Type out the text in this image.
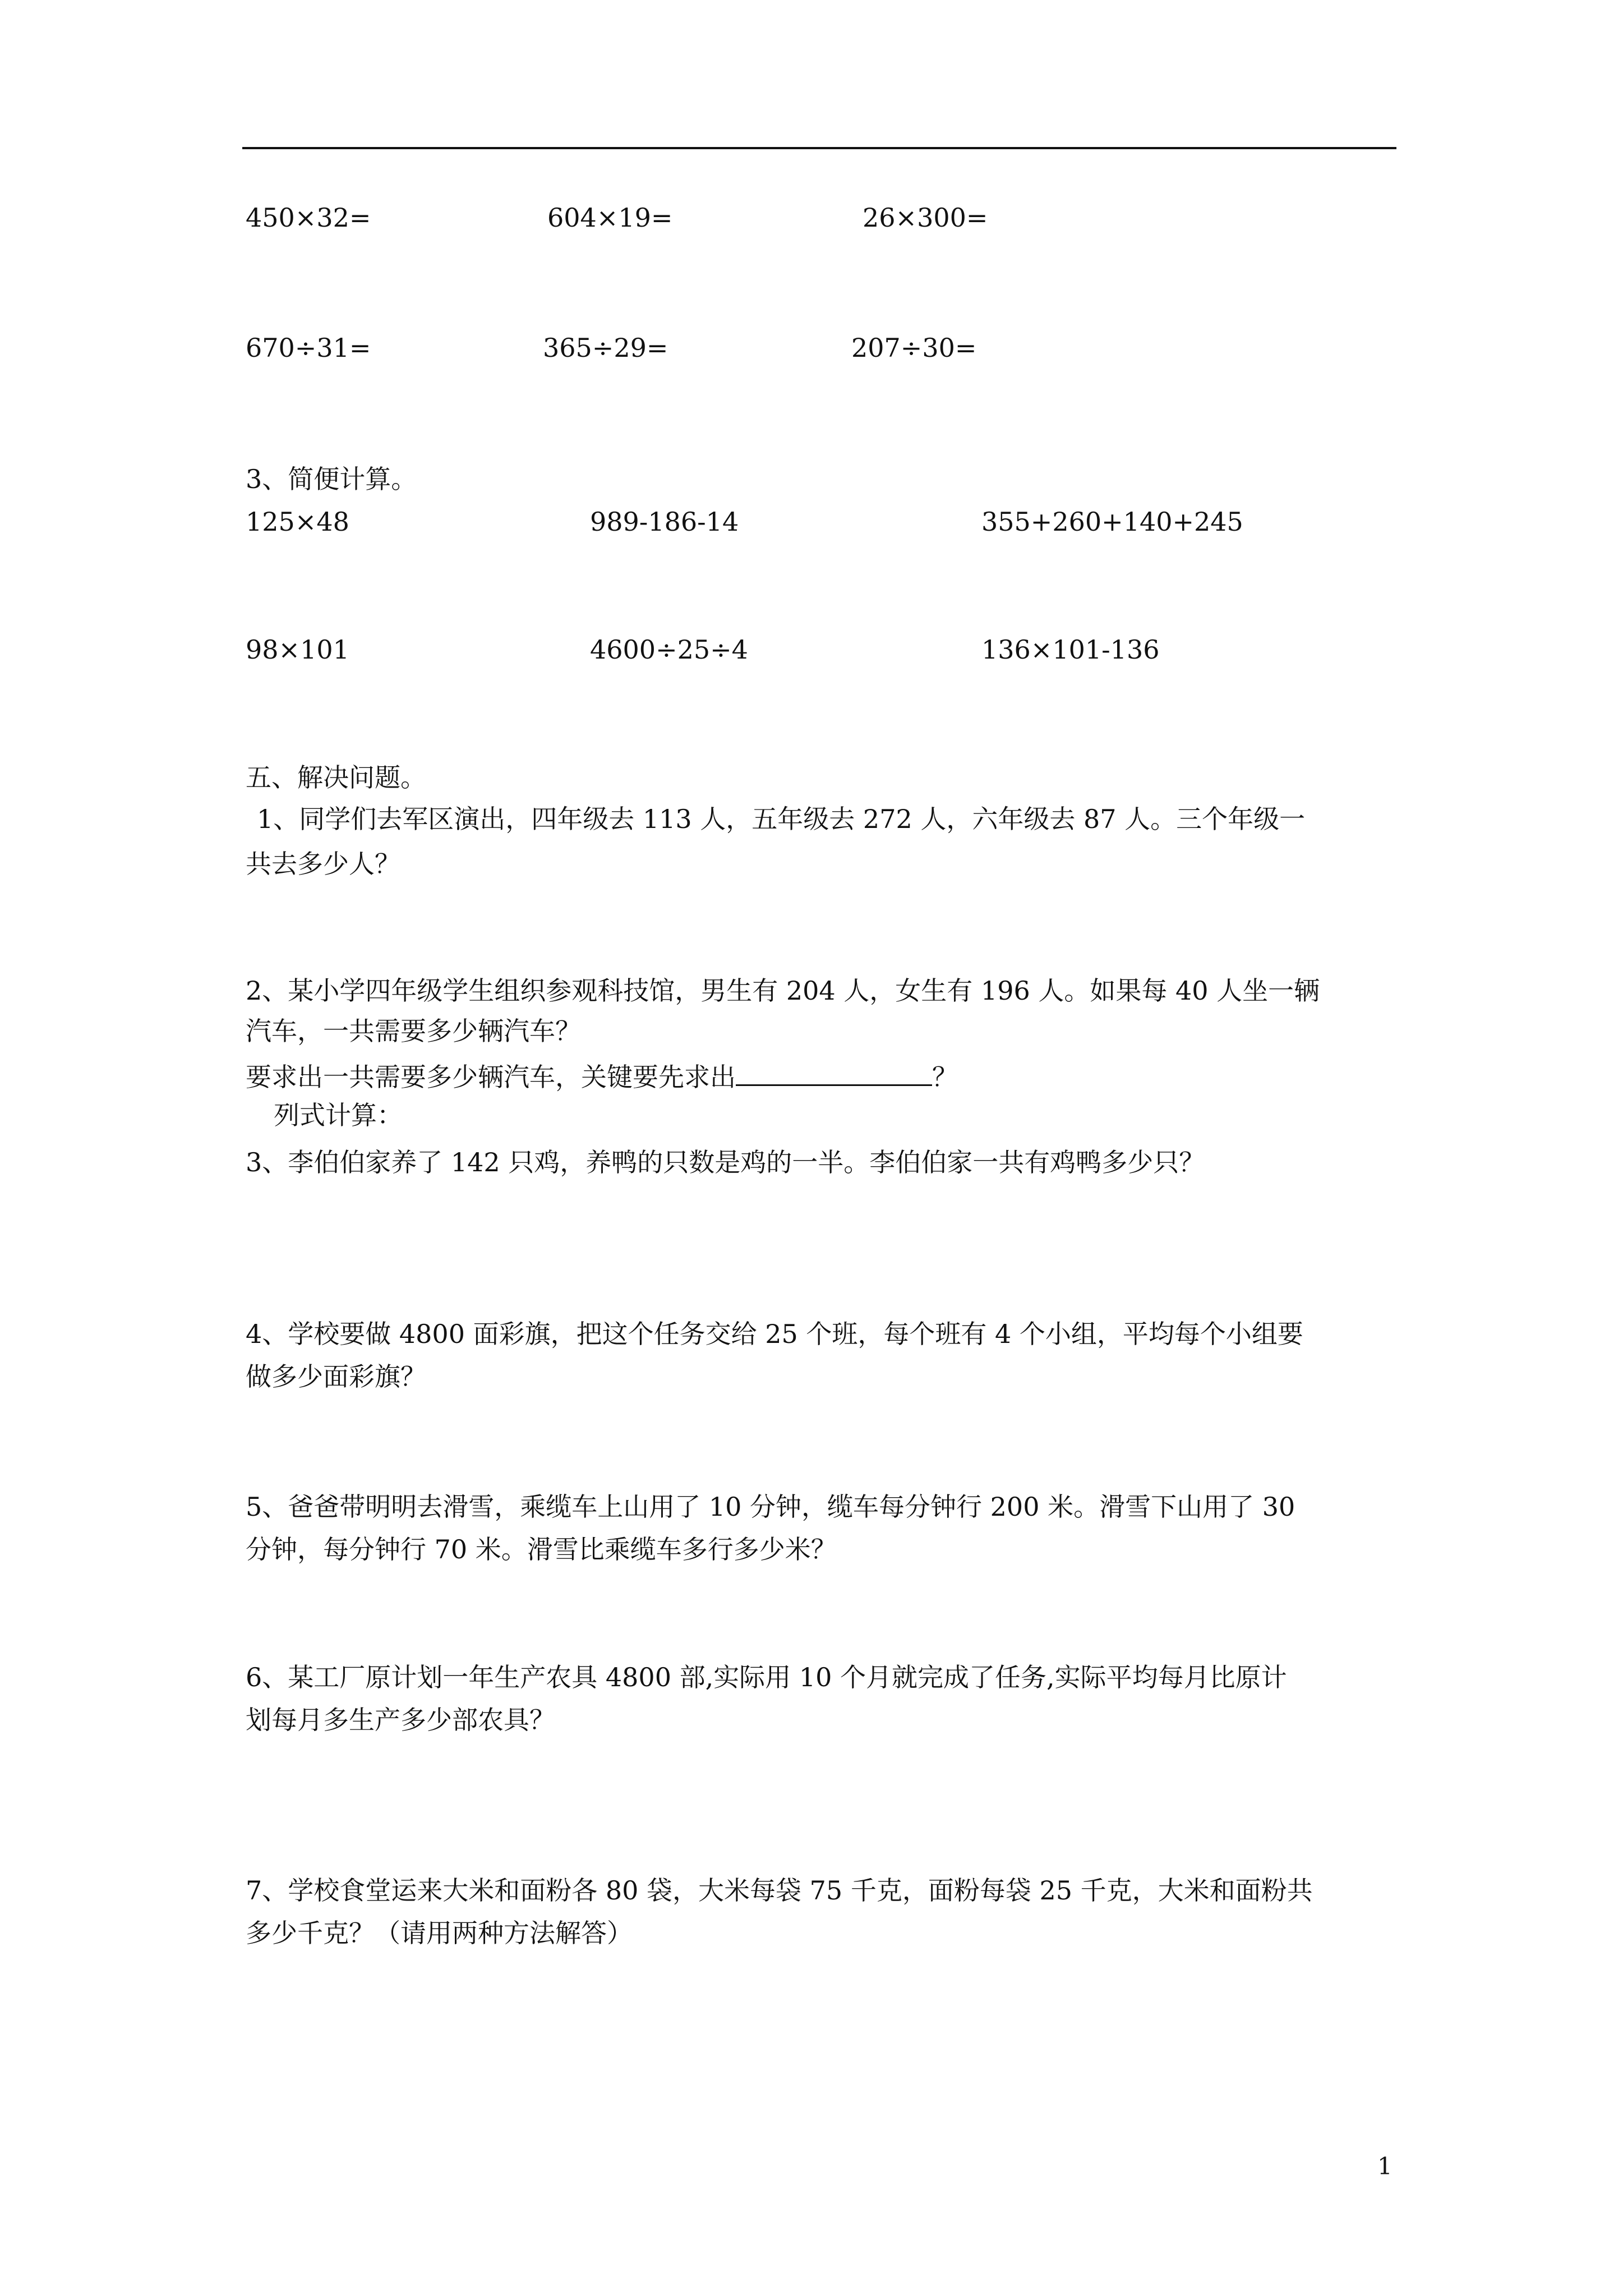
450×32=	604×19=	26×300=
670÷31=	365÷29=	207÷30=
3、简便计算。
125×48	989-186-14	355+260+140+245
98×101	4600÷25÷4	136×101-136
五、解决问题。
1、同学们去军区演出，四年级去 113 人，五年级去 272 人，六年级去 87 人。三个年级一
共去多少人？
2、某小学四年级学生组织参观科技馆，男生有 204 人，女生有 196 人。如果每 40 人坐一辆
汽车，一共需要多少辆汽车？
要求出一共需要多少辆汽车，关键要先求出	？
列式计算：
3、李伯伯家养了 142 只鸡，养鸭的只数是鸡的一半。李伯伯家一共有鸡鸭多少只？
4、学校要做 4800 面彩旗，把这个任务交给 25 个班，每个班有 4 个小组，平均每个小组要
做多少面彩旗？
5、爸爸带明明去滑雪，乘缆车上山用了 10 分钟，缆车每分钟行 200 米。滑雪下山用了 30
分钟，每分钟行 70 米。滑雪比乘缆车多行多少米？
6、某工厂原计划一年生产农具 4800 部,实际用 10 个月就完成了任务,实际平均每月比原计
划每月多生产多少部农具？
7、学校食堂运来大米和面粉各 80 袋，大米每袋 75 千克，面粉每袋 25 千克，大米和面粉共
多少千克？（请用两种方法解答）
1
